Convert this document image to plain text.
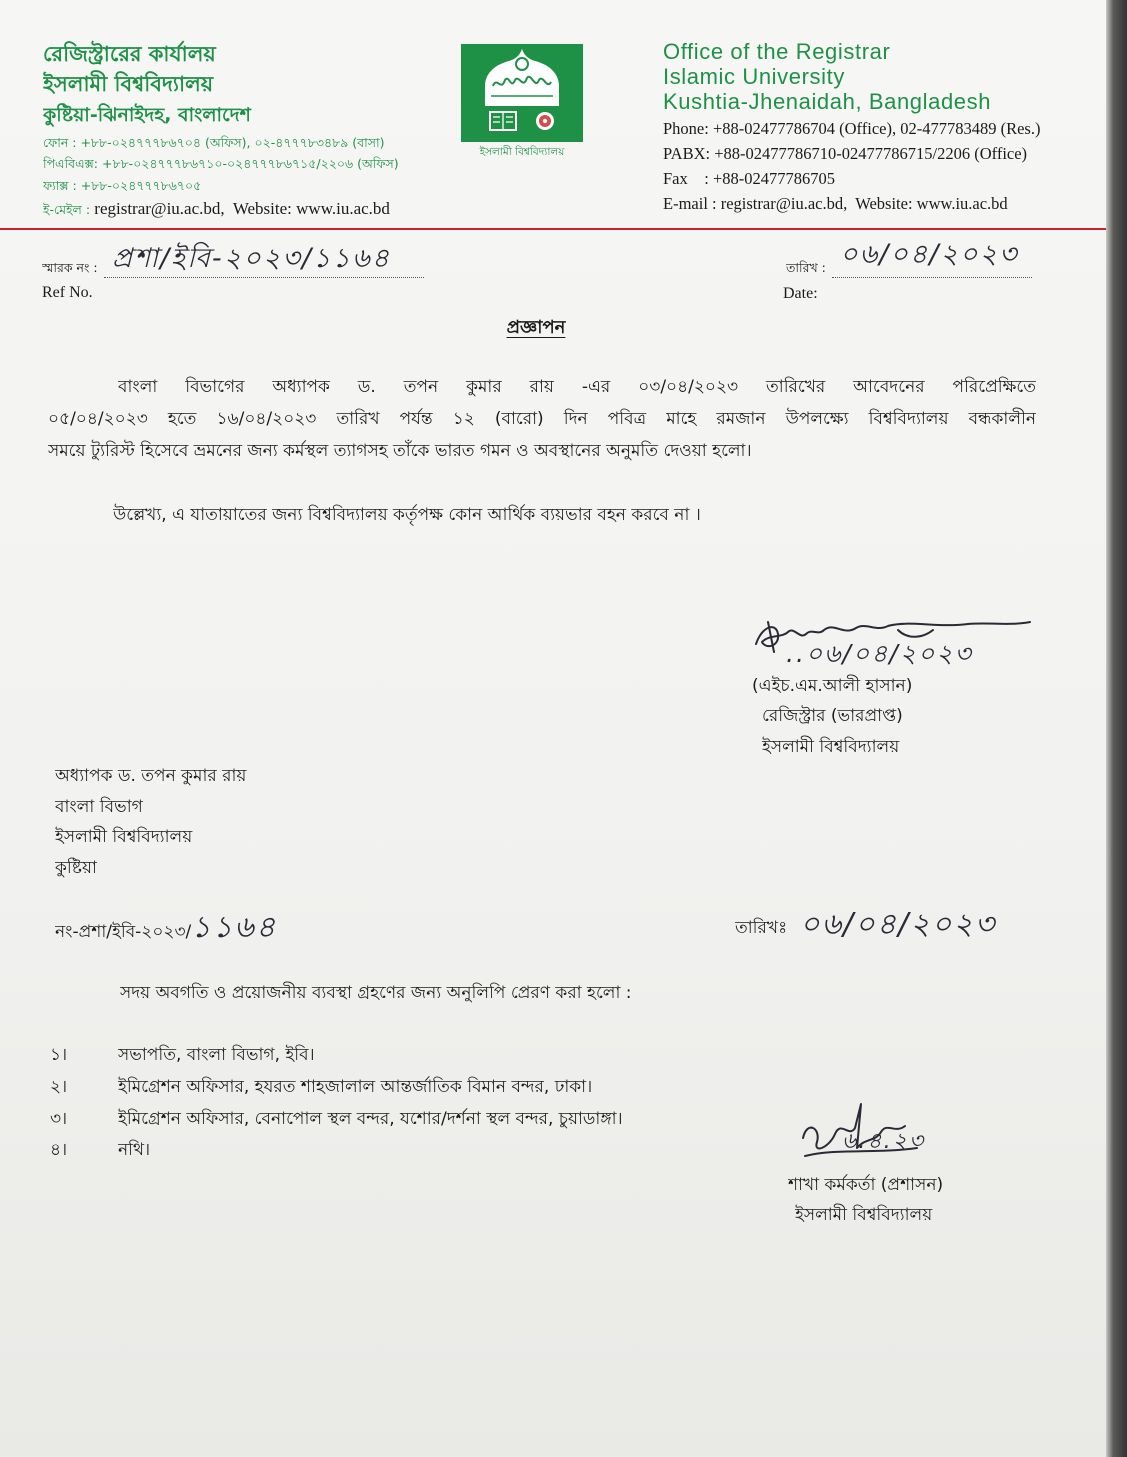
রেজিস্ট্রারের কার্যালয়
ইসলামী বিশ্ববিদ্যালয়
কুষ্টিয়া-ঝিনাইদহ, বাংলাদেশ
ফোন : +৮৮-০২৪৭৭৭৮৬৭০৪ (অফিস), ০২-৪৭৭৭৮৩৪৮৯ (বাসা)
পিএবিএক্স: +৮৮-০২৪৭৭৭৮৬৭১০-০২৪৭৭৭৮৬৭১৫/২২০৬ (অফিস)
ফ্যাক্স : +৮৮-০২৪৭৭৭৮৬৭০৫
ই-মেইল : registrar@iu.ac.bd,  Website: www.iu.ac.bd
ইসলামী বিশ্ববিদ্যালয়
Office of the Registrar
Islamic University
Kushtia-Jhenaidah, Bangladesh
Phone: +88-02477786704 (Office), 02-477783489 (Res.)
PABX: +88-02477786710-02477786715/2206 (Office)
Fax    : +88-02477786705
E-mail : registrar@iu.ac.bd,  Website: www.iu.ac.bd
স্মারক নং : প্রশা/ইবি-২০২৩/১১৬৪
Ref No.
তারিখ : ০৬/০৪/২০২৩
Date:
প্রজ্ঞাপন
বাংলা বিভাগের অধ্যাপক ড. তপন কুমার রায় -এর ০৩/০৪/২০২৩ তারিখের আবেদনের পরিপ্রেক্ষিতে
০৫/০৪/২০২৩ হতে ১৬/০৪/২০২৩ তারিখ পর্যন্ত ১২ (বারো) দিন পবিত্র মাহে রমজান উপলক্ষ্যে বিশ্ববিদ্যালয় বন্ধকালীন
সময়ে ট্যুরিস্ট হিসেবে ভ্রমনের জন্য কর্মস্থল ত্যাগসহ তাঁকে ভারত গমন ও অবস্থানের অনুমতি দেওয়া হলো।
উল্লেখ্য, এ যাতায়াতের জন্য বিশ্ববিদ্যালয় কর্তৃপক্ষ কোন আর্থিক ব্যয়ভার বহন করবে না ।
..০৬/০৪/২০২৩
(এইচ.এম.আলী হাসান)
রেজিস্ট্রার (ভারপ্রাপ্ত)
ইসলামী বিশ্ববিদ্যালয়
অধ্যাপক ড. তপন কুমার রায়
বাংলা বিভাগ
ইসলামী বিশ্ববিদ্যালয়
কুষ্টিয়া
নং-প্রশা/ইবি-২০২৩/১১৬৪	তারিখঃ ০৬/০৪/২০২৩
সদয় অবগতি ও প্রয়োজনীয় ব্যবস্থা গ্রহণের জন্য অনুলিপি প্রেরণ করা হলো :
১।	সভাপতি, বাংলা বিভাগ, ইবি।
২।	ইমিগ্রেশন অফিসার, হযরত শাহজালাল আন্তর্জাতিক বিমান বন্দর, ঢাকা।
৩।	ইমিগ্রেশন অফিসার, বেনাপোল স্থল বন্দর, যশোর/দর্শনা স্থল বন্দর, চুয়াডাঙ্গা।
৪।	নথি।	৬.৪.২৩
শাখা কর্মকর্তা (প্রশাসন)
ইসলামী বিশ্ববিদ্যালয়
